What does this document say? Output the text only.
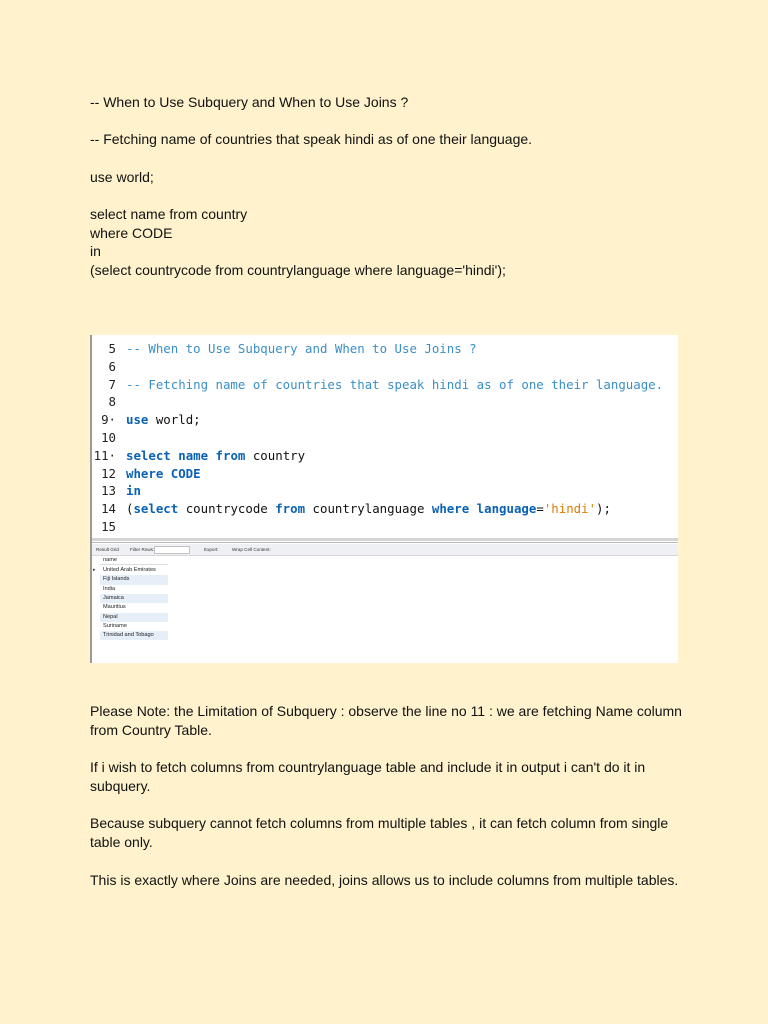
-- When to Use Subquery and When to Use Joins ?

-- Fetching name of countries that speak hindi as of one their language.

use world;

select name from country
where CODE
in
(select countrycode from countrylanguage where language='hindi');
5 -- When to Use Subquery and When to Use Joins ?
6
7 -- Fetching name of countries that speak hindi as of one their language.
8
9· use world;
10
11· select name from country
12 where CODE
13 in
14 (select countrycode from countrylanguage where language='hindi');
15
Result Grid Filter Rows:	Export:	Wrap Cell Content:
name
▸	United Arab Emirates
Fiji Islands
India
Jamaica
Mauritius
Nepal
Suriname
Trinidad and Tobago
Please Note: the Limitation of Subquery : observe the line no 11 : we are fetching Name column
from Country Table.
If i wish to fetch columns from countrylanguage table and include it in output i can't do it in
subquery.
Because subquery cannot fetch columns from multiple tables , it can fetch column from single
table only.
This is exactly where Joins are needed, joins allows us to include columns from multiple tables.
